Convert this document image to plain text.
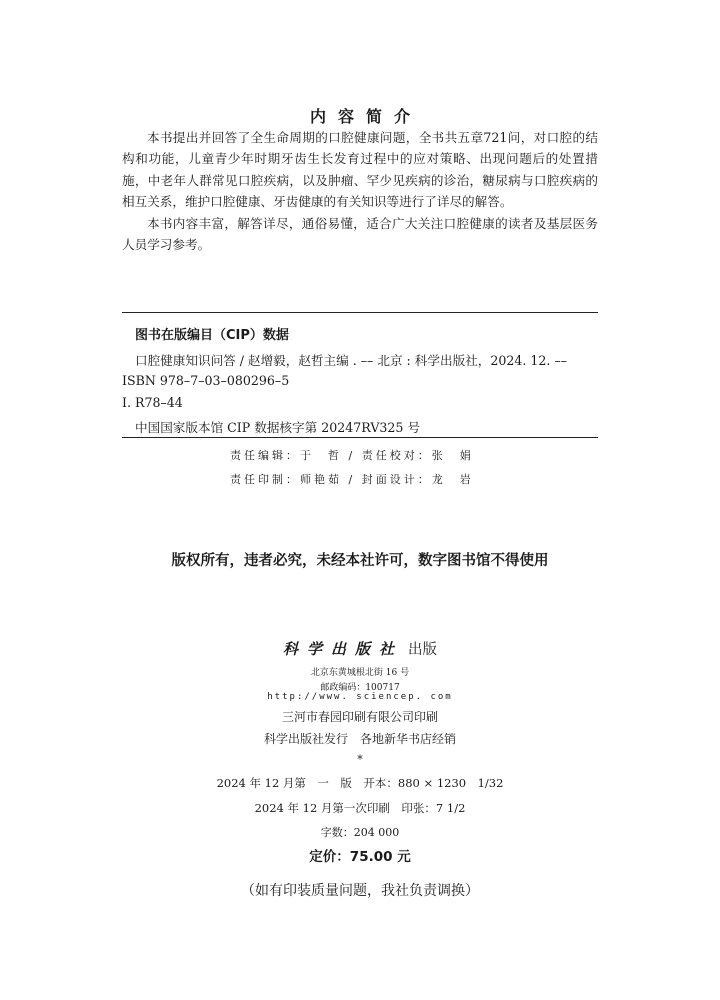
内容简介

本书提出并回答了全生命周期的口腔健康问题，全书共五章721问，对口腔的结构和功能，儿童青少年时期牙齿生长发育过程中的应对策略、出现问题后的处置措施，中老年人群常见口腔疾病，以及肿瘤、罕少见疾病的诊治，糖尿病与口腔疾病的相互关系，维护口腔健康、牙齿健康的有关知识等进行了详尽的解答。

本书内容丰富，解答详尽，通俗易懂，适合广大关注口腔健康的读者及基层医务人员学习参考。

图书在版编目（CIP）数据
口腔健康知识问答 / 赵增毅，赵哲主编 . –– 北京 : 科学出版社，2024. 12. ––
ISBN 978–7–03–080296–5
Ⅰ. R78–44
中国国家版本馆 CIP 数据核字第 20247RV325 号
责任编辑：于　哲 / 责任校对：张　娟
责任印制：师艳茹 / 封面设计：龙　岩
版权所有，违者必究，未经本社许可，数字图书馆不得使用
科学出版社 出版
北京东黄城根北街 16 号
邮政编码：100717
http://www. sciencep. com
三河市春园印刷有限公司印刷
科学出版社发行　各地新华书店经销
*
2024 年 12 月第　一　版　开本：880 × 1230　1/32
2024 年 12 月第一次印刷　印张：7 1/2
字数：204 000
定价：75.00 元
（如有印装质量问题，我社负责调换）
